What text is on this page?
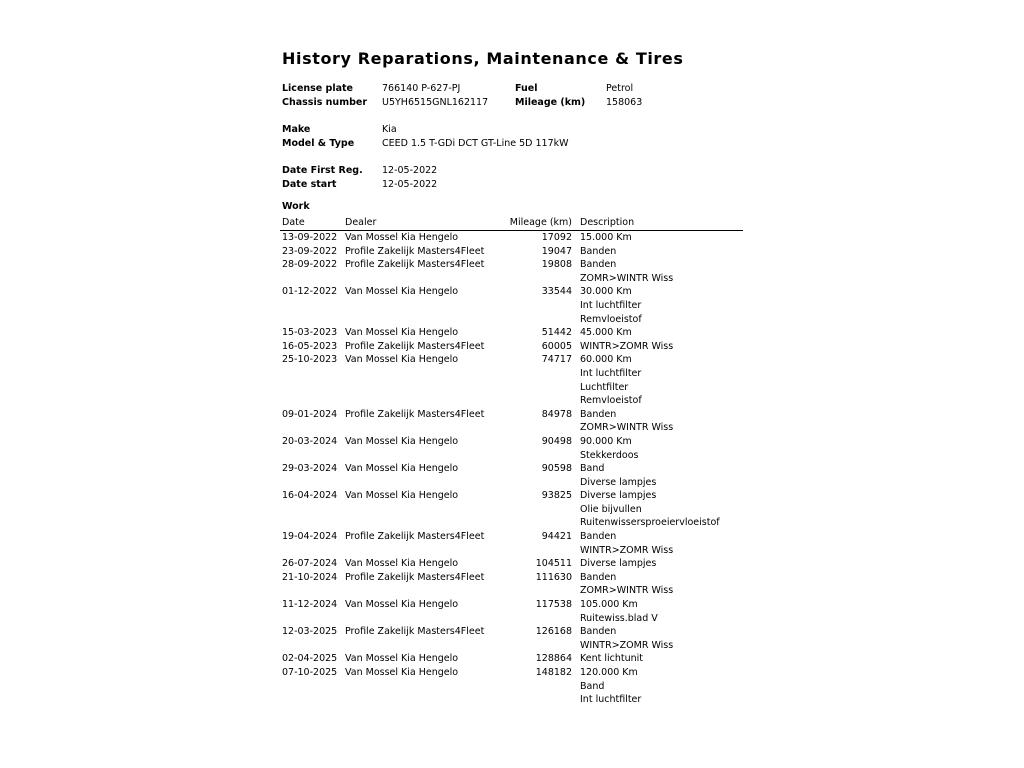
History Reparations, Maintenance & Tires
License plate	766140 P-627-PJ	Fuel	Petrol
Chassis number U5YH6515GNL162117	Mileage (km) 158063
Make	Kia
Model & Type	CEED 1.5 T-GDi DCT GT-Line 5D 117kW
Date First Reg. 12-05-2022
Date start	12-05-2022
Work
Date	Dealer	Mileage (km) Description
13-09-2022 Van Mossel Kia Hengelo	17092 15.000 Km
23-09-2022 Profile Zakelijk Masters4Fleet	19047 Banden
28-09-2022 Profile Zakelijk Masters4Fleet	19808 Banden
ZOMR>WINTR Wiss
01-12-2022 Van Mossel Kia Hengelo	33544 30.000 Km
Int luchtfilter
Remvloeistof
15-03-2023 Van Mossel Kia Hengelo	51442 45.000 Km
16-05-2023 Profile Zakelijk Masters4Fleet	60005 WINTR>ZOMR Wiss
25-10-2023 Van Mossel Kia Hengelo	74717 60.000 Km
Int luchtfilter
Luchtfilter
Remvloeistof
09-01-2024 Profile Zakelijk Masters4Fleet	84978 Banden
ZOMR>WINTR Wiss
20-03-2024 Van Mossel Kia Hengelo	90498 90.000 Km
Stekkerdoos
29-03-2024 Van Mossel Kia Hengelo	90598 Band
Diverse lampjes
16-04-2024 Van Mossel Kia Hengelo	93825 Diverse lampjes
Olie bijvullen
Ruitenwissersproeiervloeistof
19-04-2024 Profile Zakelijk Masters4Fleet	94421 Banden
WINTR>ZOMR Wiss
26-07-2024 Van Mossel Kia Hengelo	104511 Diverse lampjes
21-10-2024 Profile Zakelijk Masters4Fleet	111630 Banden
ZOMR>WINTR Wiss
11-12-2024 Van Mossel Kia Hengelo	117538 105.000 Km
Ruitewiss.blad V
12-03-2025 Profile Zakelijk Masters4Fleet	126168 Banden
WINTR>ZOMR Wiss
02-04-2025 Van Mossel Kia Hengelo	128864 Kent lichtunit
07-10-2025 Van Mossel Kia Hengelo	148182 120.000 Km
Band
Int luchtfilter
